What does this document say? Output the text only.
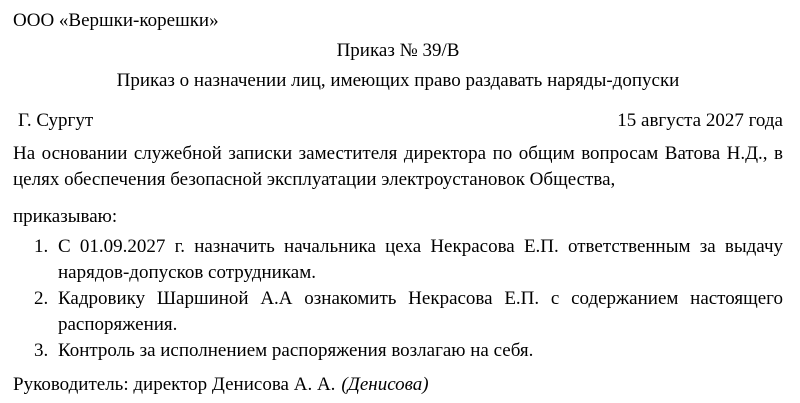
ООО «Вершки-корешки»
Приказ № 39/В
Приказ о назначении лиц, имеющих право раздавать наряды-допуски
Г. Сургут	15 августа 2027 года
На основании служебной записки заместителя директора по общим вопросам Ватова Н.Д., в целях обеспечения безопасной эксплуатации электроустановок Общества,
приказываю:
1. С 01.09.2027 г. назначить начальника цеха Некрасова Е.П. ответственным за выдачу нарядов-допусков сотрудникам.
2. Кадровику Шаршиной А.А ознакомить Некрасова Е.П. с содержанием настоящего распоряжения.
3. Контроль за исполнением распоряжения возлагаю на себя.
Руководитель: директор Денисова А. А. (Денисова)
